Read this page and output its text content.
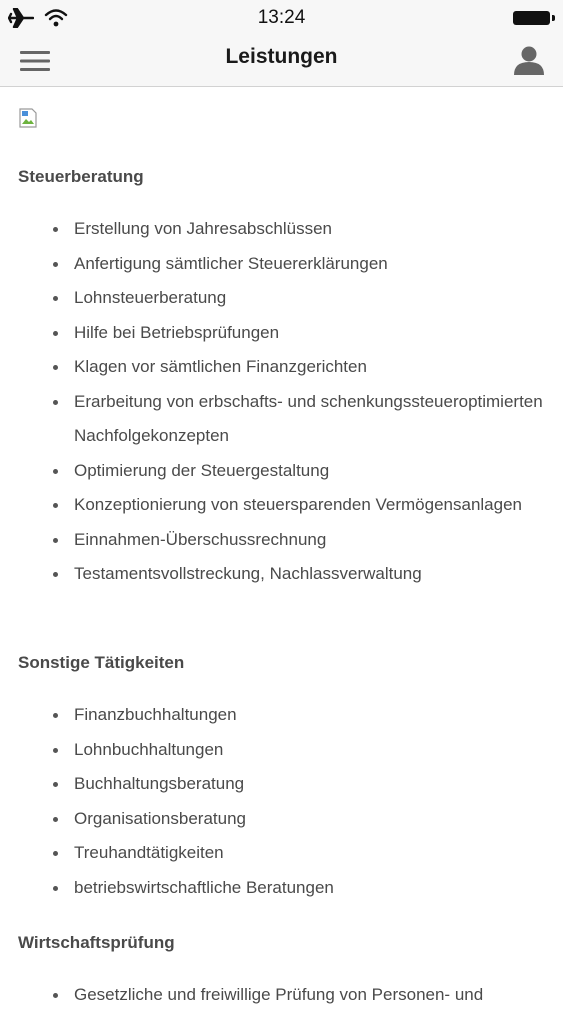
13:24
Leistungen
Steuerberatung
Erstellung von Jahresabschlüssen
Anfertigung sämtlicher Steuererklärungen
Lohnsteuerberatung
Hilfe bei Betriebsprüfungen
Klagen vor sämtlichen Finanzgerichten
Erarbeitung von erbschafts- und schenkungssteueroptimierten Nachfolgekonzepten
Optimierung der Steuergestaltung
Konzeptionierung von steuersparenden Vermögensanlagen
Einnahmen-Überschussrechnung
Testamentsvollstreckung, Nachlassverwaltung
Sonstige Tätigkeiten
Finanzbuchhaltungen
Lohnbuchhaltungen
Buchhaltungsberatung
Organisationsberatung
Treuhandtätigkeiten
betriebswirtschaftliche Beratungen
Wirtschaftsprüfung
Gesetzliche und freiwillige Prüfung von Personen- und
